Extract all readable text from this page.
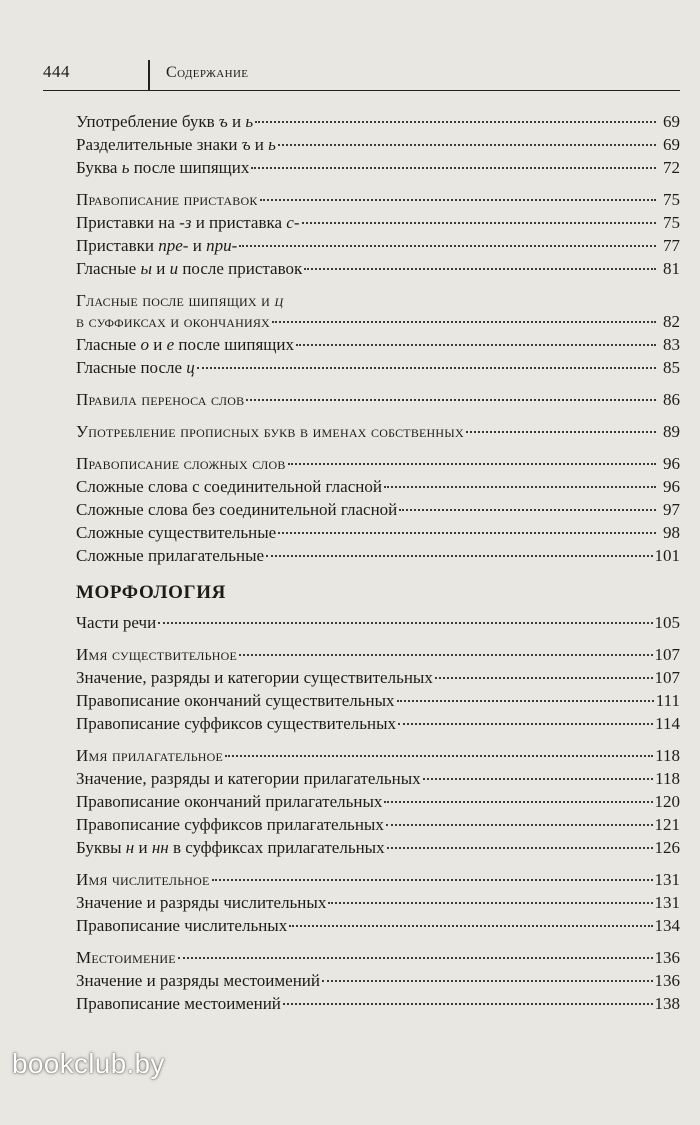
444	Содержание
Употребление букв ъ и ь	69
Разделительные знаки ъ и ь	69
Буква ь после шипящих	72
Правописание приставок	75
Приставки на -з и приставка с-	75
Приставки пре- и при-	77
Гласные ы и и после приставок	81
Гласные после шипящих и ц
в суффиксах и окончаниях	82
Гласные о и е после шипящих	83
Гласные после ц	85
Правила переноса слов	86
Употребление прописных букв в именах собственных	89
Правописание сложных слов	96
Сложные слова с соединительной гласной	96
Сложные слова без соединительной гласной	97
Сложные существительные	98
Сложные прилагательные	101
МОРФОЛОГИЯ
Части речи	105
Имя существительное	107
Значение, разряды и категории существительных	107
Правописание окончаний существительных	111
Правописание суффиксов существительных	114
Имя прилагательное	118
Значение, разряды и категории прилагательных	118
Правописание окончаний прилагательных	120
Правописание суффиксов прилагательных	121
Буквы н и нн в суффиксах прилагательных	126
Имя числительное	131
Значение и разряды числительных	131
Правописание числительных	134
Местоимение	136
Значение и разряды местоимений	136
Правописание местоимений	138
bookclub.by
